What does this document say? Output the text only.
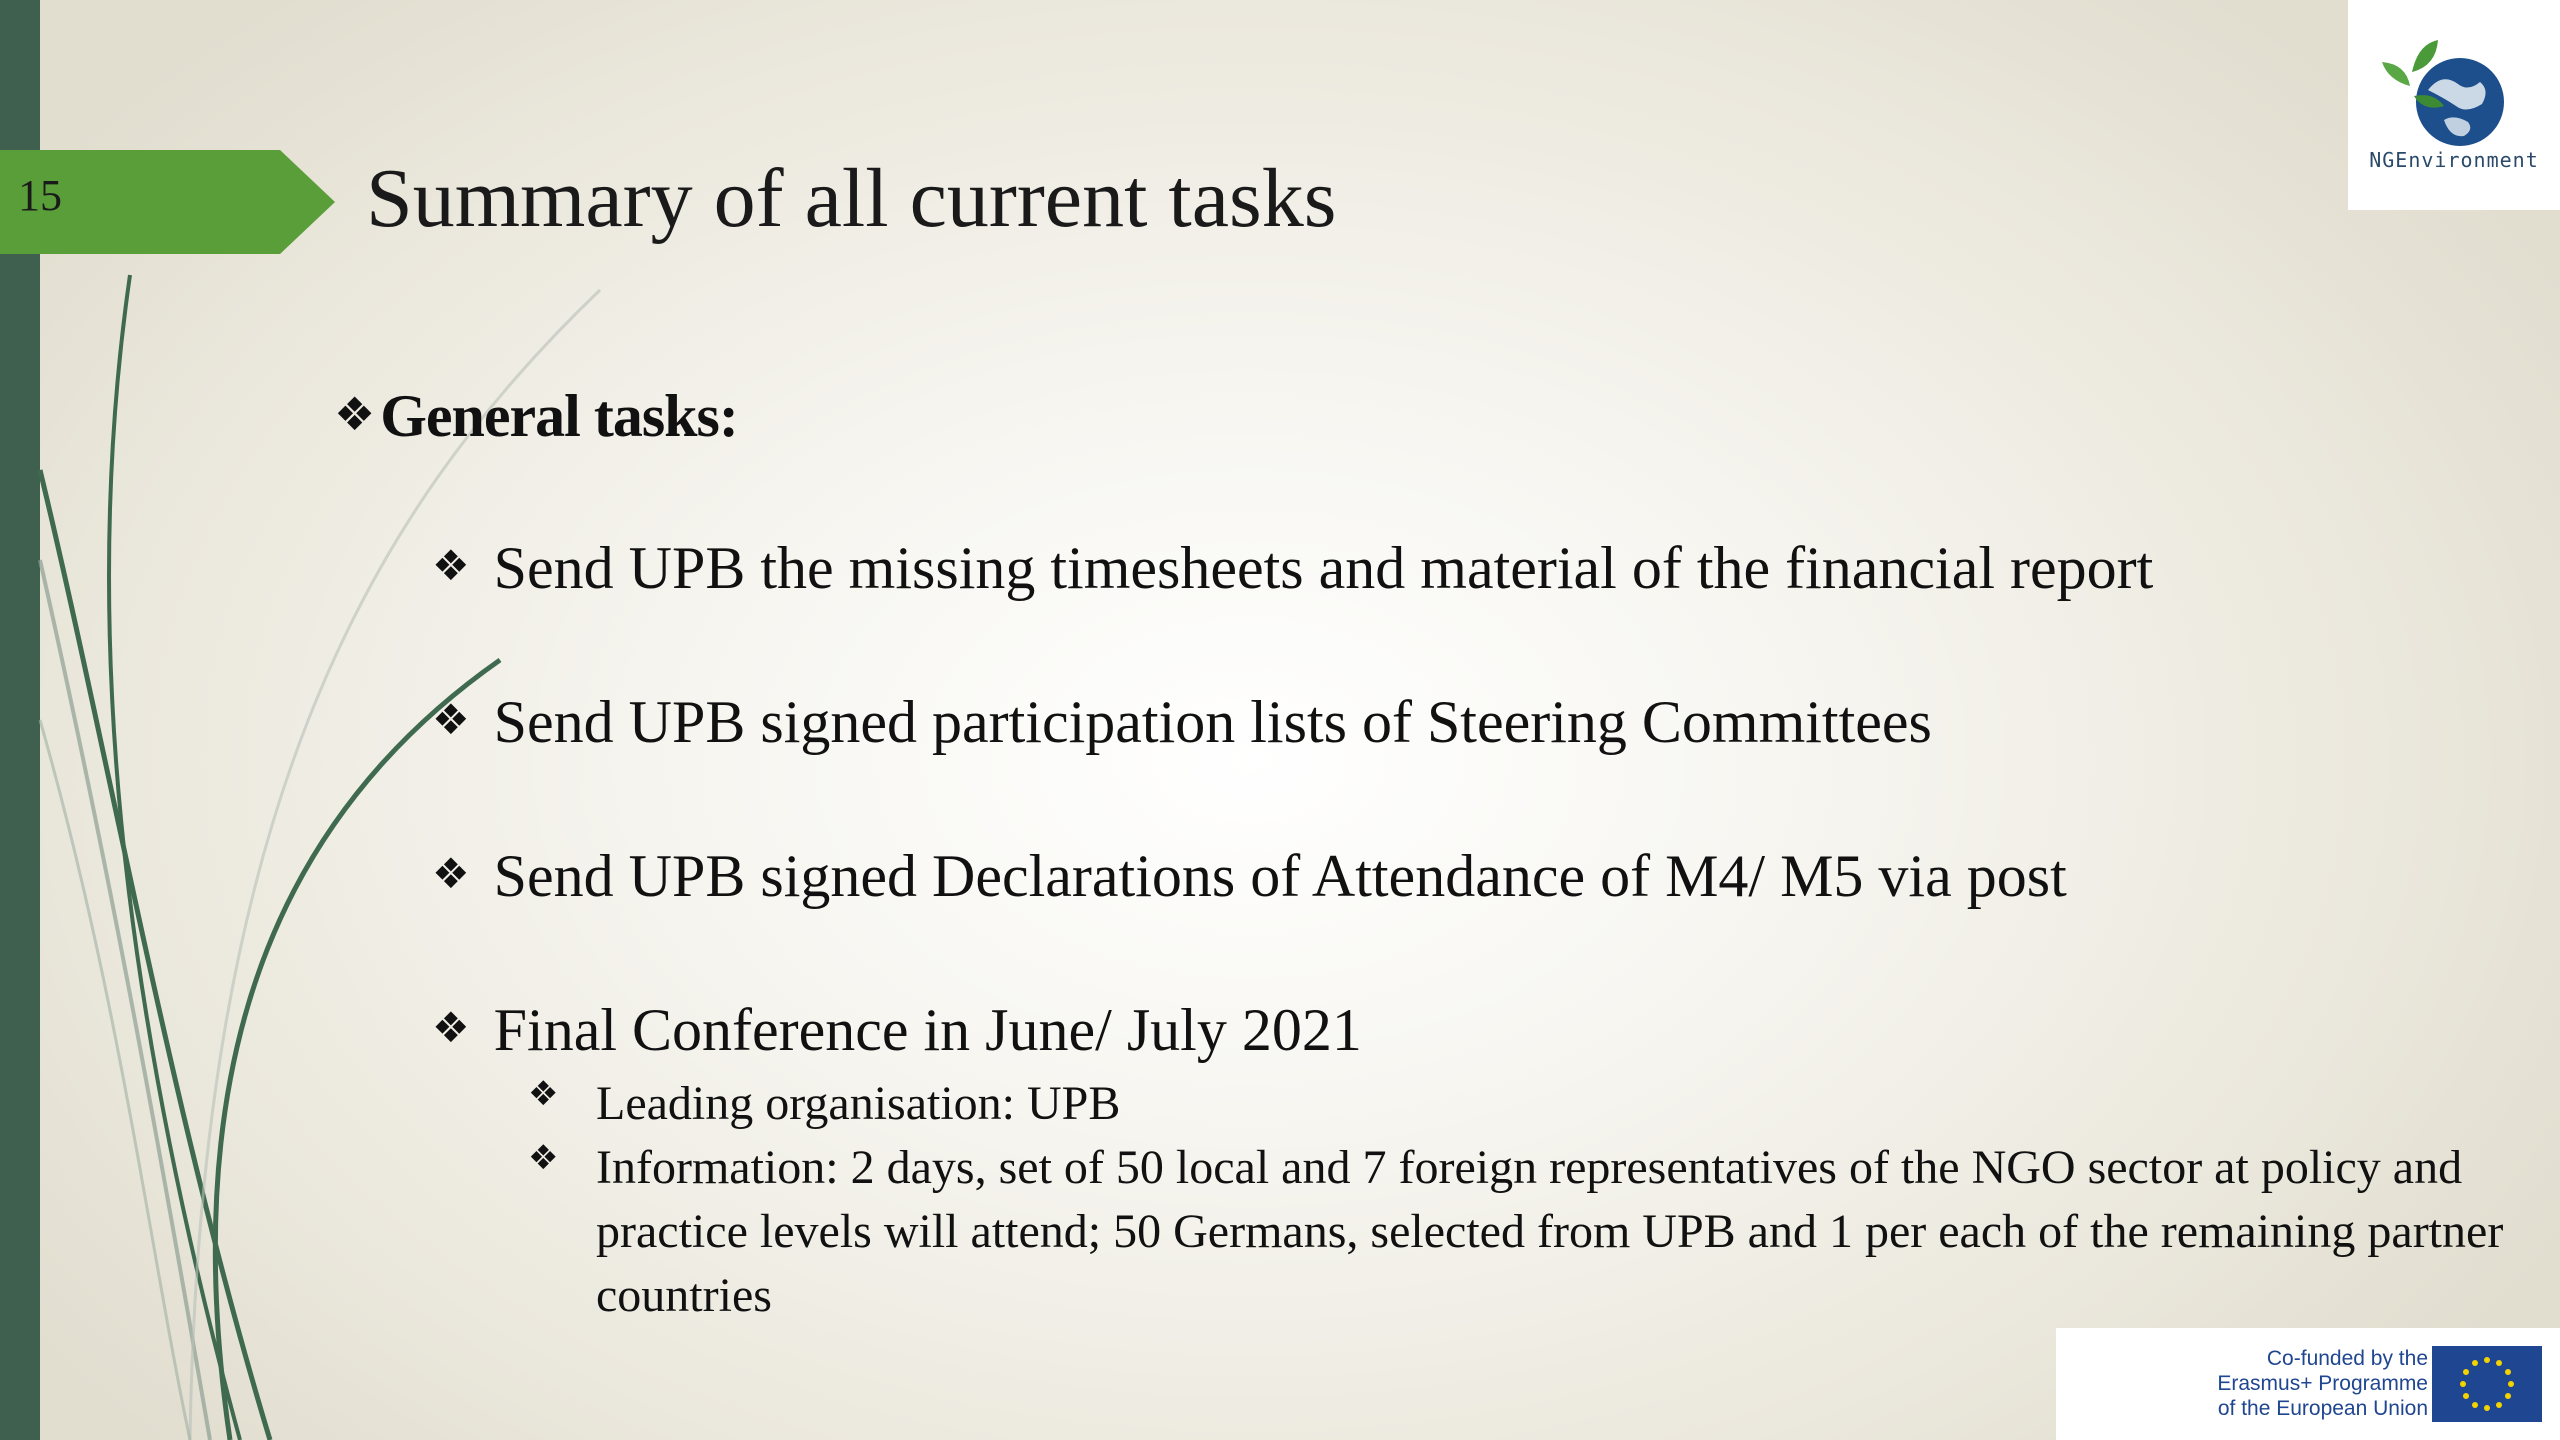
15	Summary of all current tasks	NGEnvironment
❖ General tasks:
❖ Send UPB the missing timesheets and material of the financial report
❖ Send UPB signed participation lists of Steering Committees
❖ Send UPB signed Declarations of Attendance of M4/ M5 via post
❖ Final Conference in June/ July 2021
❖ Leading organisation: UPB
❖ Information: 2 days, set of 50 local and 7 foreign representatives of the NGO sector at policy and practice levels will attend; 50 Germans, selected from UPB and 1 per each of the remaining partner countries
Co-funded by the
Erasmus+ Programme
of the European Union
